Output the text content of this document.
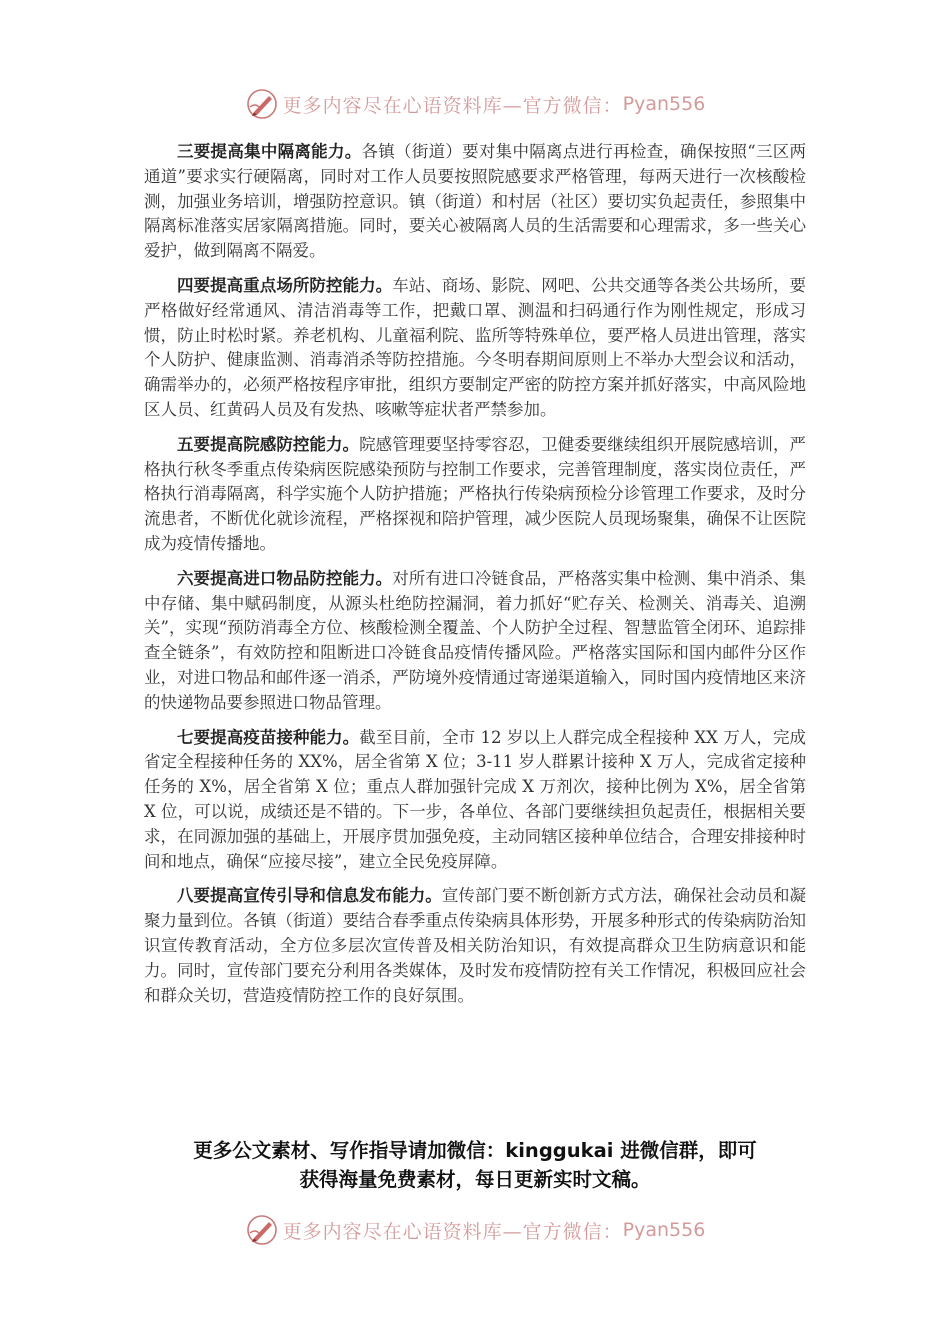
更多内容尽在心语资料库—官方微信： Pyan556

三要提高集中隔离能力。各镇（街道）要对集中隔离点进行再检查，确保按照“三区两通道”要求实行硬隔离，同时对工作人员要按照院感要求严格管理，每两天进行一次核酸检测，加强业务培训，增强防控意识。镇（街道）和村居（社区）要切实负起责任，参照集中隔离标准落实居家隔离措施。同时，要关心被隔离人员的生活需要和心理需求，多一些关心爱护，做到隔离不隔爱。

四要提高重点场所防控能力。车站、商场、影院、网吧、公共交通等各类公共场所，要严格做好经常通风、清洁消毒等工作，把戴口罩、测温和扫码通行作为刚性规定，形成习惯，防止时松时紧。养老机构、儿童福利院、监所等特殊单位，要严格人员进出管理，落实个人防护、健康监测、消毒消杀等防控措施。今冬明春期间原则上不举办大型会议和活动，确需举办的，必须严格按程序审批，组织方要制定严密的防控方案并抓好落实，中高风险地区人员、红黄码人员及有发热、咳嗽等症状者严禁参加。

五要提高院感防控能力。院感管理要坚持零容忍，卫健委要继续组织开展院感培训，严格执行秋冬季重点传染病医院感染预防与控制工作要求，完善管理制度，落实岗位责任，严格执行消毒隔离，科学实施个人防护措施；严格执行传染病预检分诊管理工作要求，及时分流患者，不断优化就诊流程，严格探视和陪护管理，减少医院人员现场聚集，确保不让医院成为疫情传播地。

六要提高进口物品防控能力。对所有进口冷链食品，严格落实集中检测、集中消杀、集中存储、集中赋码制度，从源头杜绝防控漏洞，着力抓好“贮存关、检测关、消毒关、追溯关”，实现“预防消毒全方位、核酸检测全覆盖、个人防护全过程、智慧监管全闭环、追踪排查全链条”，有效防控和阻断进口冷链食品疫情传播风险。严格落实国际和国内邮件分区作业，对进口物品和邮件逐一消杀，严防境外疫情通过寄递渠道输入，同时国内疫情地区来济的快递物品要参照进口物品管理。

七要提高疫苗接种能力。截至目前，全市 12 岁以上人群完成全程接种 XX 万人，完成省定全程接种任务的 XX%，居全省第 X 位；3-11 岁人群累计接种 X 万人，完成省定接种任务的 X%，居全省第 X 位；重点人群加强针完成 X 万剂次，接种比例为 X%，居全省第 X 位，可以说，成绩还是不错的。下一步，各单位、各部门要继续担负起责任，根据相关要求，在同源加强的基础上，开展序贯加强免疫，主动同辖区接种单位结合，合理安排接种时间和地点，确保“应接尽接”，建立全民免疫屏障。

八要提高宣传引导和信息发布能力。宣传部门要不断创新方式方法，确保社会动员和凝聚力量到位。各镇（街道）要结合春季重点传染病具体形势，开展多种形式的传染病防治知识宣传教育活动，全方位多层次宣传普及相关防治知识，有效提高群众卫生防病意识和能力。同时，宣传部门要充分利用各类媒体，及时发布疫情防控有关工作情况，积极回应社会和群众关切，营造疫情防控工作的良好氛围。

更多公文素材、写作指导请加微信：kinggukai 进微信群，即可
获得海量免费素材，每日更新实时文稿。
更多内容尽在心语资料库—官方微信： Pyan556
